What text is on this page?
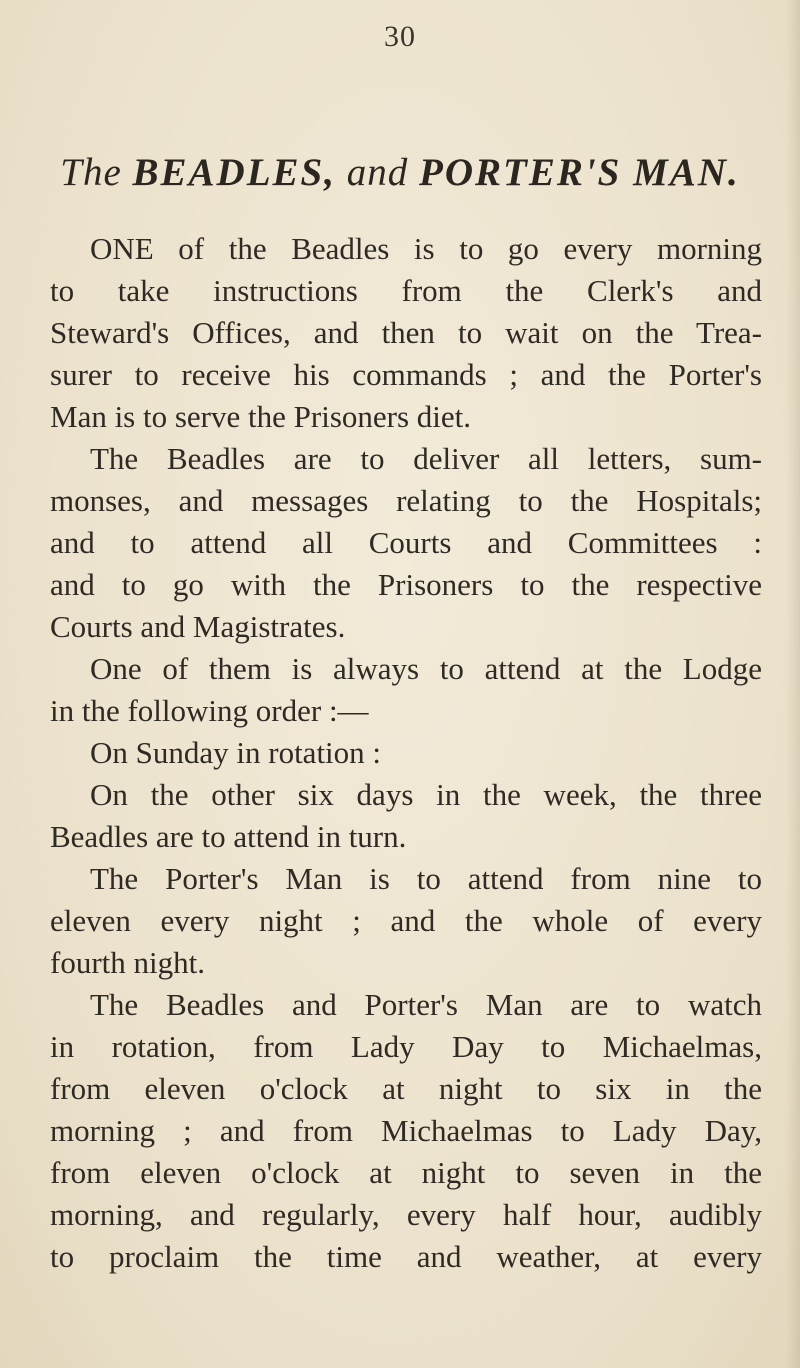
30
The BEADLES, and PORTER'S MAN.
ONE of the Beadles is to go every morning
to take instructions from the Clerk's and
Steward's Offices, and then to wait on the Trea-
surer to receive his commands ; and the Porter's
Man is to serve the Prisoners diet.
The Beadles are to deliver all letters, sum-
monses, and messages relating to the Hospitals;
and to attend all Courts and Committees :
and to go with the Prisoners to the respective
Courts and Magistrates.
One of them is always to attend at the Lodge
in the following order :—
On Sunday in rotation :
On the other six days in the week, the three
Beadles are to attend in turn.
The Porter's Man is to attend from nine to
eleven every night ; and the whole of every
fourth night.
The Beadles and Porter's Man are to watch
in rotation, from Lady Day to Michaelmas,
from eleven o'clock at night to six in the
morning ; and from Michaelmas to Lady Day,
from eleven o'clock at night to seven in the
morning, and regularly, every half hour, audibly
to proclaim the time and weather, at every
